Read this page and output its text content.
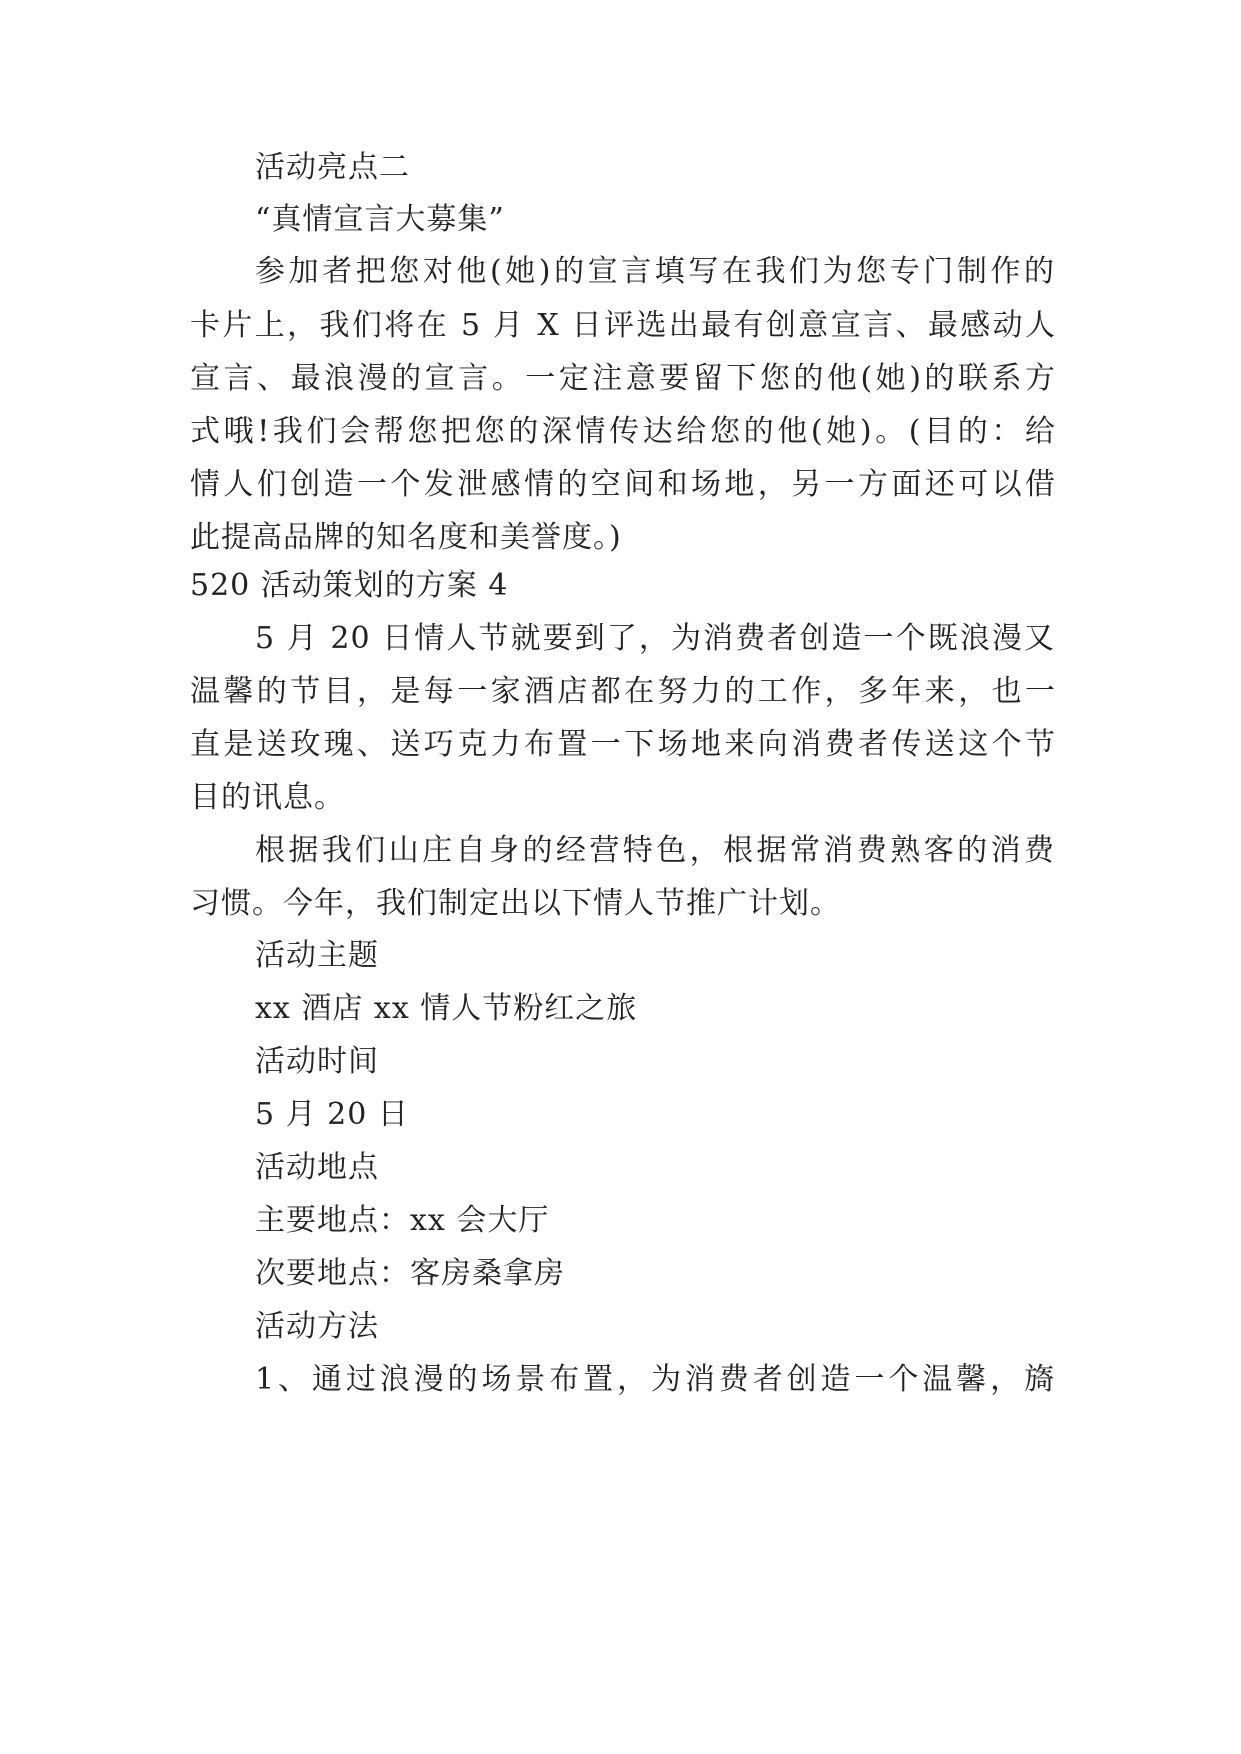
活动亮点二
“真情宣言大募集”
参加者把您对他(她)的宣言填写在我们为您专门制作的
卡片上，我们将在 5 月 X 日评选出最有创意宣言、最感动人
宣言、最浪漫的宣言。一定注意要留下您的他(她)的联系方
式哦!我们会帮您把您的深情传达给您的他(她)。(目的：给
情人们创造一个发泄感情的空间和场地，另一方面还可以借
此提高品牌的知名度和美誉度。)
520 活动策划的方案 4
5 月 20 日情人节就要到了，为消费者创造一个既浪漫又
温馨的节目，是每一家酒店都在努力的工作，多年来，也一
直是送玫瑰、送巧克力布置一下场地来向消费者传送这个节
目的讯息。
根据我们山庄自身的经营特色，根据常消费熟客的消费
习惯。今年，我们制定出以下情人节推广计划。
活动主题
xx 酒店 xx 情人节粉红之旅
活动时间
5 月 20 日
活动地点
主要地点：xx 会大厅
次要地点：客房桑拿房
活动方法
1、通过浪漫的场景布置，为消费者创造一个温馨，旖
